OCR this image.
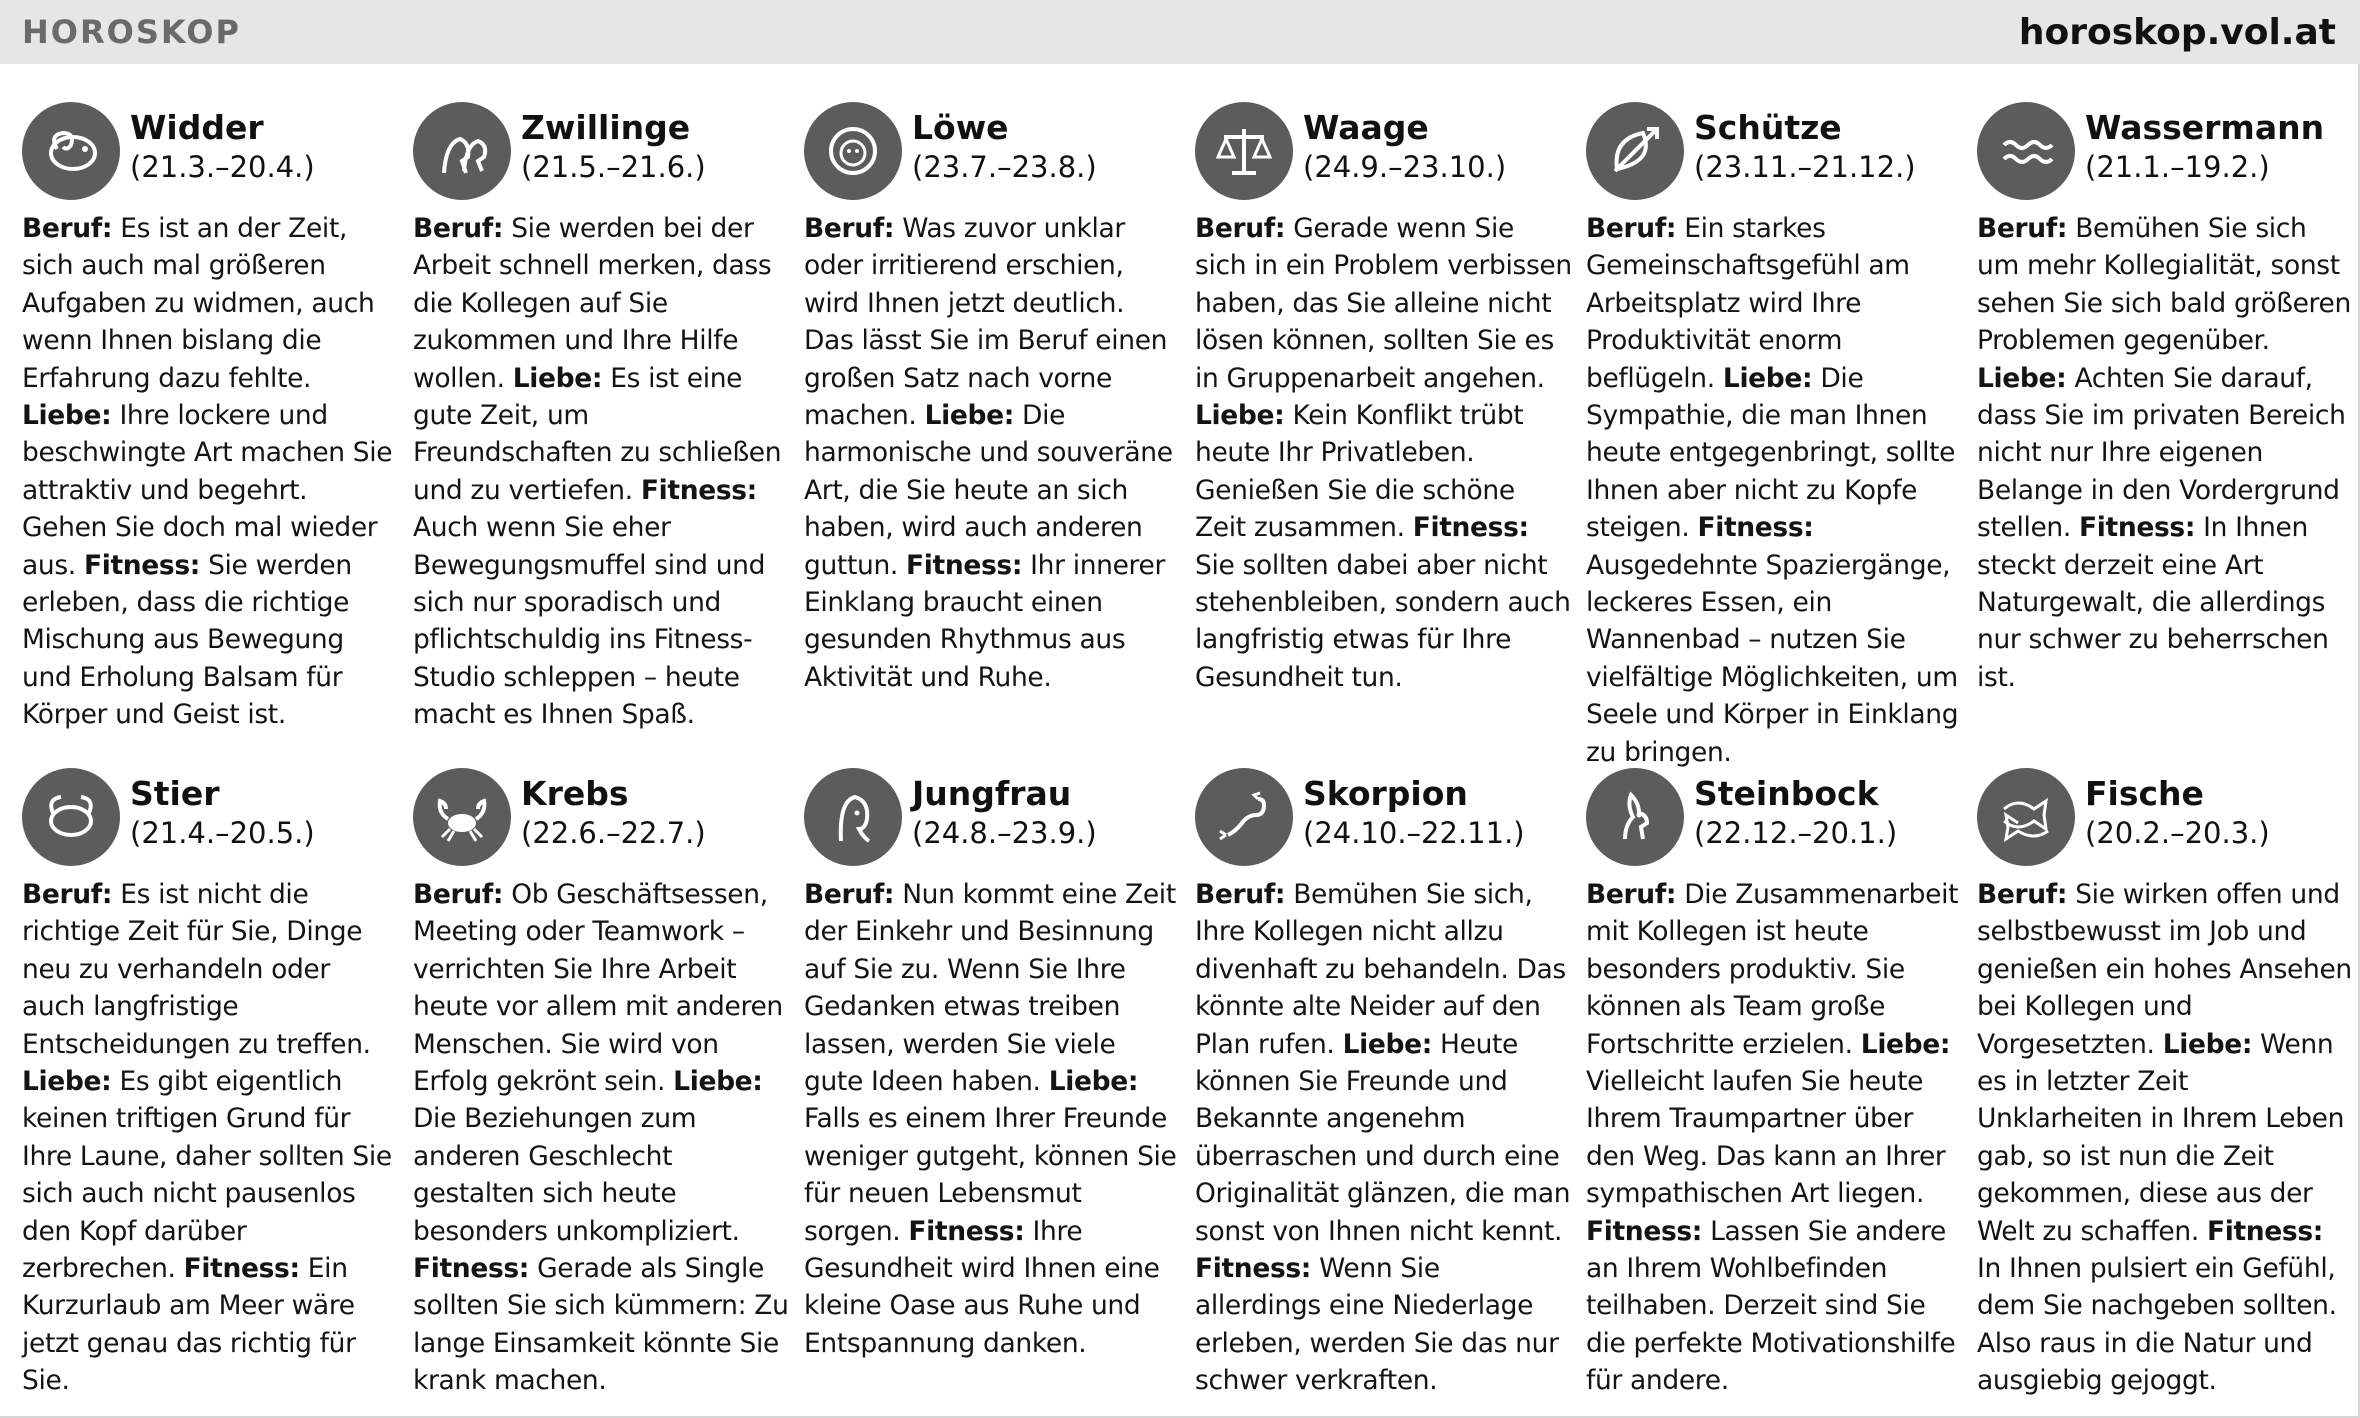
HOROSKOP	horoskop.vol.at
Widder
(21.3.–20.4.)
Beruf: Es ist an der Zeit, sich auch mal größeren Aufgaben zu widmen, auch wenn Ihnen bislang die Erfahrung dazu fehlte. Liebe: Ihre lockere und beschwingte Art machen Sie attraktiv und begehrt. Gehen Sie doch mal wieder aus. Fitness: Sie werden erleben, dass die richtige Mischung aus Bewegung und Erholung Balsam für Körper und Geist ist.
Zwillinge
(21.5.–21.6.)
Beruf: Sie werden bei der Arbeit schnell merken, dass die Kollegen auf Sie zukommen und Ihre Hilfe wollen. Liebe: Es ist eine gute Zeit, um Freundschaften zu schließen und zu vertiefen. Fitness: Auch wenn Sie eher Bewegungsmuffel sind und sich nur sporadisch und pflichtschuldig ins Fitness-Studio schleppen – heute macht es Ihnen Spaß.
Löwe
(23.7.–23.8.)
Beruf: Was zuvor unklar oder irritierend erschien, wird Ihnen jetzt deutlich. Das lässt Sie im Beruf einen großen Satz nach vorne machen. Liebe: Die harmonische und souveräne Art, die Sie heute an sich haben, wird auch anderen guttun. Fitness: Ihr innerer Einklang braucht einen gesunden Rhythmus aus Aktivität und Ruhe.
Waage
(24.9.–23.10.)
Beruf: Gerade wenn Sie sich in ein Problem verbissen haben, das Sie alleine nicht lösen können, sollten Sie es in Gruppenarbeit angehen. Liebe: Kein Konflikt trübt heute Ihr Privatleben. Genießen Sie die schöne Zeit zusammen. Fitness: Sie sollten dabei aber nicht stehenbleiben, sondern auch langfristig etwas für Ihre Gesundheit tun.
Schütze
(23.11.–21.12.)
Beruf: Ein starkes Gemeinschaftsgefühl am Arbeitsplatz wird Ihre Produktivität enorm beflügeln. Liebe: Die Sympathie, die man Ihnen heute entgegenbringt, sollte Ihnen aber nicht zu Kopfe steigen. Fitness: Ausgedehnte Spaziergänge, leckeres Essen, ein Wannenbad – nutzen Sie vielfältige Möglichkeiten, um Seele und Körper in Einklang zu bringen.
Wassermann
(21.1.–19.2.)
Beruf: Bemühen Sie sich um mehr Kollegialität, sonst sehen Sie sich bald größeren Problemen gegenüber. Liebe: Achten Sie darauf, dass Sie im privaten Bereich nicht nur Ihre eigenen Belange in den Vordergrund stellen. Fitness: In Ihnen steckt derzeit eine Art Naturgewalt, die allerdings nur schwer zu beherrschen ist.
Stier
(21.4.–20.5.)
Beruf: Es ist nicht die richtige Zeit für Sie, Dinge neu zu verhandeln oder auch langfristige Entscheidungen zu treffen. Liebe: Es gibt eigentlich keinen triftigen Grund für Ihre Laune, daher sollten Sie sich auch nicht pausenlos den Kopf darüber zerbrechen. Fitness: Ein Kurzurlaub am Meer wäre jetzt genau das richtig für Sie.
Krebs
(22.6.–22.7.)
Beruf: Ob Geschäftsessen, Meeting oder Teamwork – verrichten Sie Ihre Arbeit heute vor allem mit anderen Menschen. Sie wird von Erfolg gekrönt sein. Liebe: Die Beziehungen zum anderen Geschlecht gestalten sich heute besonders unkompliziert. Fitness: Gerade als Single sollten Sie sich kümmern: Zu lange Einsamkeit könnte Sie krank machen.
Jungfrau
(24.8.–23.9.)
Beruf: Nun kommt eine Zeit der Einkehr und Besinnung auf Sie zu. Wenn Sie Ihre Gedanken etwas treiben lassen, werden Sie viele gute Ideen haben. Liebe: Falls es einem Ihrer Freunde weniger gutgeht, können Sie für neuen Lebensmut sorgen. Fitness: Ihre Gesundheit wird Ihnen eine kleine Oase aus Ruhe und Entspannung danken.
Skorpion
(24.10.–22.11.)
Beruf: Bemühen Sie sich, Ihre Kollegen nicht allzu divenhaft zu behandeln. Das könnte alte Neider auf den Plan rufen. Liebe: Heute können Sie Freunde und Bekannte angenehm überraschen und durch eine Originalität glänzen, die man sonst von Ihnen nicht kennt. Fitness: Wenn Sie allerdings eine Niederlage erleben, werden Sie das nur schwer verkraften.
Steinbock
(22.12.–20.1.)
Beruf: Die Zusammenarbeit mit Kollegen ist heute besonders produktiv. Sie können als Team große Fortschritte erzielen. Liebe: Vielleicht laufen Sie heute Ihrem Traumpartner über den Weg. Das kann an Ihrer sympathischen Art liegen. Fitness: Lassen Sie andere an Ihrem Wohlbefinden teilhaben. Derzeit sind Sie die perfekte Motivationshilfe für andere.
Fische
(20.2.–20.3.)
Beruf: Sie wirken offen und selbstbewusst im Job und genießen ein hohes Ansehen bei Kollegen und Vorgesetzten. Liebe: Wenn es in letzter Zeit Unklarheiten in Ihrem Leben gab, so ist nun die Zeit gekommen, diese aus der Welt zu schaffen. Fitness: In Ihnen pulsiert ein Gefühl, dem Sie nachgeben sollten. Also raus in die Natur und ausgiebig gejoggt.
